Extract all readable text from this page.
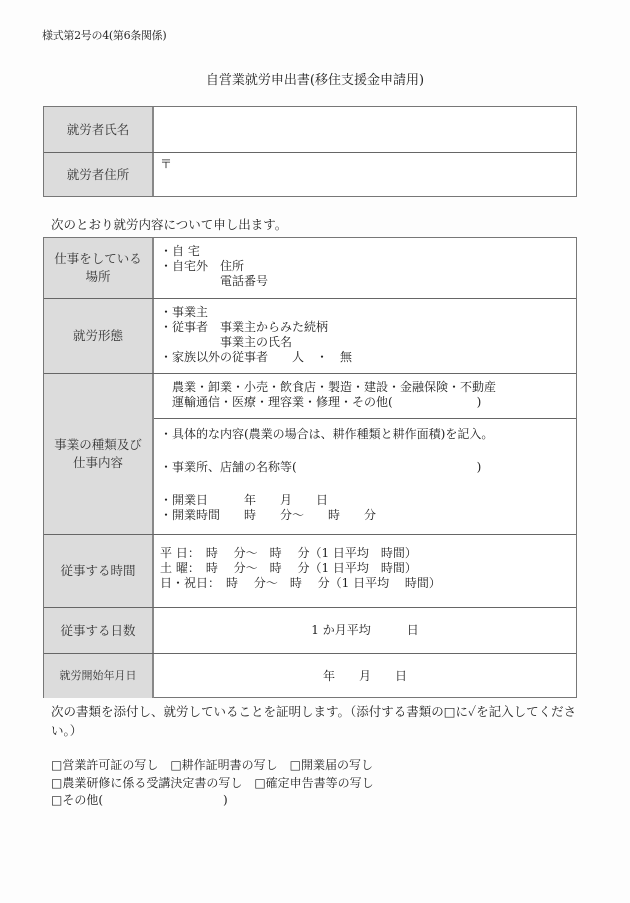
様式第2号の4(第6条関係)
自営業就労申出書(移住支援金申請用)
就労者氏名
就労者住所
〒
次のとおり就労内容について申し出ます。
仕事をしている
場所
・自 宅
・自宅外　住所
　　　　　電話番号
就労形態
・事業主
・従事者　事業主からみた続柄
　　　　　事業主の氏名
・家族以外の従事者　　人　・　無
事業の種類及び
仕事内容
農業・卸業・小売・飲食店・製造・建設・金融保険・不動産
運輸通信・医療・理容業・修理・その他(　　　　　　　)
・具体的な内容(農業の場合は、耕作種類と耕作面積)を記入。
・事業所、店舗の名称等(　　　　　　　　　　　　　　　)
・開業日　　　年　　月　　日
・開業時間　　時　　分～　　時　　分
従事する時間
平 日：　時　 分～　時　 分（1 日平均　時間）
土 曜：　時　 分～　時　 分（1 日平均　時間）
日・祝日：　時　 分～　時　 分（1 日平均　 時間）
従事する日数	1 か月平均　　　日
就労開始年月日	年　　月　　日
次の書類を添付し、就労していることを証明します。（添付する書類の□に✓を記入してください。）
□営業許可証の写し　□耕作証明書の写し　□開業届の写し
□農業研修に係る受講決定書の写し　□確定申告書等の写し
□その他(　　　　　　　　　　)
